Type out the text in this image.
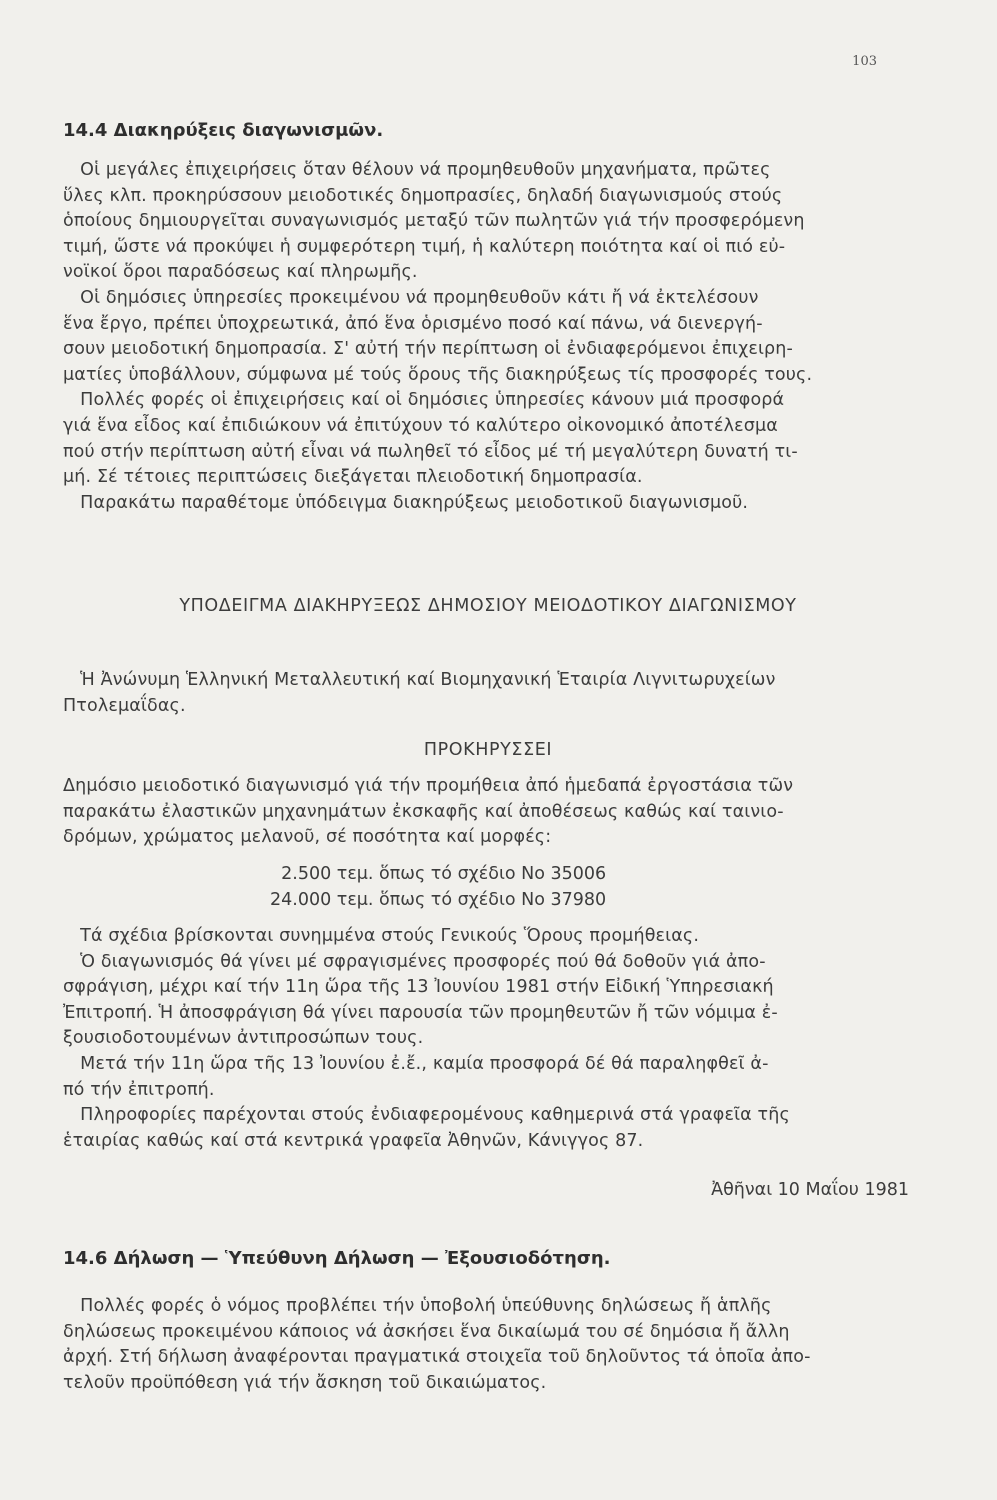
103
14.4 Διακηρύξεις διαγωνισμῶν.
Οἱ μεγάλες ἐπιχειρήσεις ὅταν θέλουν νά προμηθευθοῦν μηχανήματα, πρῶτες
ὕλες κλπ. προκηρύσσουν μειοδοτικές δημοπρασίες, δηλαδή διαγωνισμούς στούς
ὁποίους δημιουργεῖται συναγωνισμός μεταξύ τῶν πωλητῶν γιά τήν προσφερόμενη
τιμή, ὥστε νά προκύψει ἡ συμφερότερη τιμή, ἡ καλύτερη ποιότητα καί οἱ πιό εὐ-
νοϊκοί ὅροι παραδόσεως καί πληρωμῆς.
Οἱ δημόσιες ὑπηρεσίες προκειμένου νά προμηθευθοῦν κάτι ἤ νά ἐκτελέσουν
ἕνα ἔργο, πρέπει ὑποχρεωτικά, ἀπό ἕνα ὁρισμένο ποσό καί πάνω, νά διενεργή-
σουν μειοδοτική δημοπρασία. Σ' αὐτή τήν περίπτωση οἱ ἐνδιαφερόμενοι ἐπιχειρη-
ματίες ὑποβάλλουν, σύμφωνα μέ τούς ὅρους τῆς διακηρύξεως τίς προσφορές τους.
Πολλές φορές οἱ ἐπιχειρήσεις καί οἱ δημόσιες ὑπηρεσίες κάνουν μιά προσφορά
γιά ἕνα εἶδος καί ἐπιδιώκουν νά ἐπιτύχουν τό καλύτερο οἰκονομικό ἀποτέλεσμα
πού στήν περίπτωση αὐτή εἶναι νά πωληθεῖ τό εἶδος μέ τή μεγαλύτερη δυνατή τι-
μή. Σέ τέτοιες περιπτώσεις διεξάγεται πλειοδοτική δημοπρασία.
Παρακάτω παραθέτομε ὑπόδειγμα διακηρύξεως μειοδοτικοῦ διαγωνισμοῦ.
ΥΠΟΔΕΙΓΜΑ ΔΙΑΚΗΡΥΞΕΩΣ ΔΗΜΟΣΙΟΥ ΜΕΙΟΔΟΤΙΚΟΥ ΔΙΑΓΩΝΙΣΜΟΥ
Ἡ Ἀνώνυμη Ἑλληνική Μεταλλευτική καί Βιομηχανική Ἑταιρία Λιγνιτωρυχείων
Πτολεμαΐδας.
ΠΡΟΚΗΡΥΣΣΕΙ
Δημόσιο μειοδοτικό διαγωνισμό γιά τήν προμήθεια ἀπό ἡμεδαπά ἐργοστάσια τῶν
παρακάτω ἐλαστικῶν μηχανημάτων ἐκσκαφῆς καί ἀποθέσεως καθώς καί ταινιο-
δρόμων, χρώματος μελανοῦ, σέ ποσότητα καί μορφές:
2.500 τεμ. ὅπως τό σχέδιο Νο 35006
24.000 τεμ. ὅπως τό σχέδιο Νο 37980
Τά σχέδια βρίσκονται συνημμένα στούς Γενικούς Ὅρους προμήθειας.
Ὁ διαγωνισμός θά γίνει μέ σφραγισμένες προσφορές πού θά δοθοῦν γιά ἀπο-
σφράγιση, μέχρι καί τήν 11η ὥρα τῆς 13 Ἰουνίου 1981 στήν Εἰδική Ὑπηρεσιακή
Ἐπιτροπή. Ἡ ἀποσφράγιση θά γίνει παρουσία τῶν προμηθευτῶν ἤ τῶν νόμιμα ἐ-
ξουσιοδοτουμένων ἀντιπροσώπων τους.
Μετά τήν 11η ὥρα τῆς 13 Ἰουνίου ἐ.ἔ., καμία προσφορά δέ θά παραληφθεῖ ἀ-
πό τήν ἐπιτροπή.
Πληροφορίες παρέχονται στούς ἐνδιαφερομένους καθημερινά στά γραφεῖα τῆς
ἑταιρίας καθώς καί στά κεντρικά γραφεῖα Ἀθηνῶν, Κάνιγγος 87.
Ἀθῆναι 10 Μαΐου 1981
14.6 Δήλωση — Ὑπεύθυνη Δήλωση — Ἐξουσιοδότηση.
Πολλές φορές ὁ νόμος προβλέπει τήν ὑποβολή ὑπεύθυνης δηλώσεως ἤ ἁπλῆς
δηλώσεως προκειμένου κάποιος νά ἀσκήσει ἕνα δικαίωμά του σέ δημόσια ἤ ἄλλη
ἀρχή. Στή δήλωση ἀναφέρονται πραγματικά στοιχεῖα τοῦ δηλοῦντος τά ὁποῖα ἀπο-
τελοῦν προϋπόθεση γιά τήν ἄσκηση τοῦ δικαιώματος.
